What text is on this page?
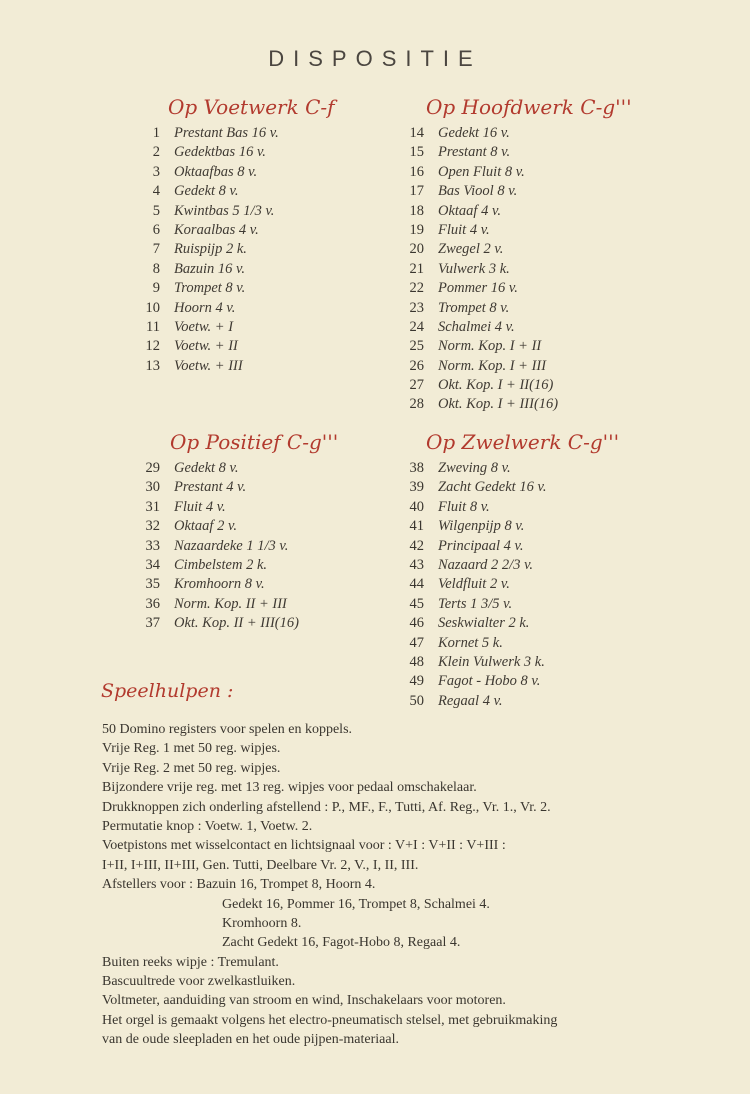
DISPOSITIE
Op Voetwerk C-f
1 Prestant Bas 16 v.
2 Gedektbas 16 v.
3 Oktaafbas 8 v.
4 Gedekt 8 v.
5 Kwintbas 5 1/3 v.
6 Koraalbas 4 v.
7 Ruispijp 2 k.
8 Bazuin 16 v.
9 Trompet 8 v.
10 Hoorn 4 v.
11 Voetw. + I
12 Voetw. + II
13 Voetw. + III
Op Hoofdwerk C-g'''
14 Gedekt 16 v.
15 Prestant 8 v.
16 Open Fluit 8 v.
17 Bas Viool 8 v.
18 Oktaaf 4 v.
19 Fluit 4 v.
20 Zwegel 2 v.
21 Vulwerk 3 k.
22 Pommer 16 v.
23 Trompet 8 v.
24 Schalmei 4 v.
25 Norm. Kop. I + II
26 Norm. Kop. I + III
27 Okt. Kop. I + II(16)
28 Okt. Kop. I + III(16)
Op Positief C-g'''
29 Gedekt 8 v.
30 Prestant 4 v.
31 Fluit 4 v.
32 Oktaaf 2 v.
33 Nazaardeke 1 1/3 v.
34 Cimbelstem 2 k.
35 Kromhoorn 8 v.
36 Norm. Kop. II + III
37 Okt. Kop. II + III(16)
Op Zwelwerk C-g'''
38 Zweving 8 v.
39 Zacht Gedekt 16 v.
40 Fluit 8 v.
41 Wilgenpijp 8 v.
42 Principaal 4 v.
43 Nazaard 2 2/3 v.
44 Veldfluit 2 v.
45 Terts 1 3/5 v.
46 Seskwialter 2 k.
47 Kornet 5 k.
48 Klein Vulwerk 3 k.
49 Fagot - Hobo 8 v.
50 Regaal 4 v.
Speelhulpen :
50 Domino registers voor spelen en koppels.
Vrije Reg. 1 met 50 reg. wipjes.
Vrije Reg. 2 met 50 reg. wipjes.
Bijzondere vrije reg. met 13 reg. wipjes voor pedaal omschakelaar.
Drukknoppen zich onderling afstellend : P., MF., F., Tutti, Af. Reg., Vr. 1., Vr. 2.
Permutatie knop : Voetw. 1, Voetw. 2.
Voetpistons met wisselcontact en lichtsignaal voor : V+I : V+II : V+III :
I+II, I+III, II+III, Gen. Tutti, Deelbare Vr. 2, V., I, II, III.
Afstellers voor : Bazuin 16, Trompet 8, Hoorn 4.
Gedekt 16, Pommer 16, Trompet 8, Schalmei 4.
Kromhoorn 8.
Zacht Gedekt 16, Fagot-Hobo 8, Regaal 4.
Buiten reeks wipje : Tremulant.
Bascuultrede voor zwelkastluiken.
Voltmeter, aanduiding van stroom en wind, Inschakelaars voor motoren.
Het orgel is gemaakt volgens het electro-pneumatisch stelsel, met gebruikmaking
van de oude sleepladen en het oude pijpen-materiaal.
